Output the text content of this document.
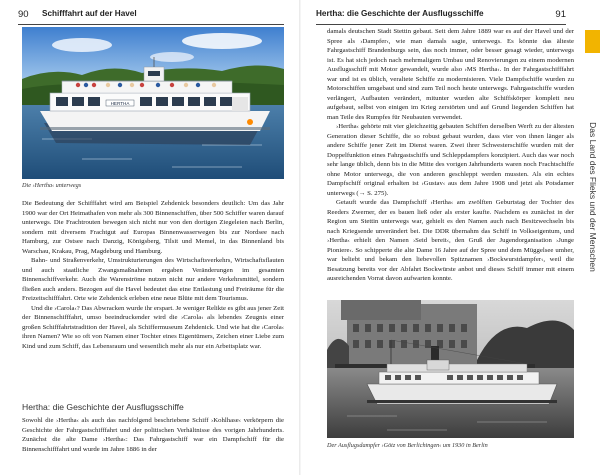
90 Schifffahrt auf der Havel	Hertha: die Geschichte der Ausflugsschiffe	91
Das Land des Flieks und der Menschen
HERTHA
Die ›Hertha‹ unterwegs

Die Bedeutung der Schifffahrt wird am Beispiel Zehdenick besonders deutlich: Um das Jahr 1900 war der Ort Heimathafen von mehr als 300 Binnenschiffen, über 500 Schiffer waren darauf unterwegs. Die Frachtrouten bewegen sich nicht nur von den dortigen Ziegeleien nach Berlin, sondern mit diversem Frachtgut auf Europas Binnenwasserwegen bis zur Nordsee nach Hamburg, zur Ostsee nach Danzig, Königsberg, Tilsit und Memel, in das Binnenland bis Warschau, Krakau, Prag, Magdeburg und Hamburg.

Bahn- und Straßenverkehr, Umstrukturierungen des Wirtschaftsverkehrs, Wirtschaftsflauten und auch staatliche Zwangsmaßnahmen ergaben Veränderungen im gesamten Binnenschiffverkehr. Auch die Warenströme nutzen nicht nur andere Verkehrsmittel, sondern fließen auch anders. Bezogen auf die Havel bedeutet das eine Entlastung und Freiräume für die Freizeitschifffahrt. Orte wie Zehdenick erleben eine neue Blüte mit dem Tourismus.

Und die ›Carola‹? Das Abwracken wurde ihr erspart. Je weniger Relikte es gibt aus jener Zeit der Binnenschifffahrt, umso beeindruckender wird die ›Carola‹ als lebendes Zeugnis einer großen Schifffahrtstradition der Havel, als Schiffermuseum Zehdenick. Und wie hat die ›Carola‹ ihren Namen? Wie so oft von Namen einer Tochter eines Eigentümers, Zeichen einer Liebe zum Kind und zum Schiff, das Lebensraum und wesentlich mehr als nur ein Arbeitsplatz war.

Hertha: die Geschichte der Ausflugsschiffe

Sowohl die ›Hertha‹ als auch das nachfolgend beschriebene Schiff ›Kohlhase‹ verkörpern die Geschichte der Fahrgastschifffahrt und der politischen Verhältnisse des vorigen Jahrhunderts. Zunächst die alte Dame ›Hertha‹: Das Fahrgastschiff war ein Dampfschiff für die Binnenschifffahrt und wurde im Jahre 1886 in der

damals deutschen Stadt Stettin gebaut. Seit dem Jahre 1889 war es auf der Havel und der Spree als ›Dampfer‹, wie man damals sagte, unterwegs. Es könnte das älteste Fahrgastschiff Brandenburgs sein, das noch immer, oder besser gesagt wieder, unterwegs ist. Es hat sich jedoch nach mehrmaligem Umbau und Renovierungen zu einem modernen Ausflugsschiff mit Motor gewandelt, wurde also ›MS Hertha‹. In der Fahrgastschifffahrt war und ist es üblich, veraltete Schiffe zu modernisieren. Viele Dampfschiffe wurden zu Motorschiffen umgebaut und sind zum Teil noch heute unterwegs. Fahrgastschiffe wurden verlängert, Aufbauten verändert, mitunter wurden alte Schiffskörper komplett neu aufgebaut, selbst von einigen im Krieg zerstörten und auf Grund liegenden Schiffen hat man Teile des Rumpfes für Neubauten verwendet.

›Hertha‹ gehörte mit vier gleichzeitig gebauten Schiffen derselben Werft zu der ältesten Generation dieser Schiffe, die so robust gebaut wurden, dass vier von ihnen länger als andere Schiffe jener Zeit im Dienst waren. Zwei ihrer Schwesterschiffe wurden mit der Doppelfunktion eines Fahrgastschiffs und Schleppdampfers konzipiert. Auch das war noch sehr lange üblich, denn bis in die Mitte des vorigen Jahrhunderts waren noch Frachtschiffe ohne Motor unterwegs, die von anderen geschleppt werden mussten. Als ein echtes Dampfschiff original erhalten ist ›Gustav‹ aus dem Jahre 1908 und jetzt als Potsdamer unterwegs (→ S. 275).

Getauft wurde das Dampfschiff ›Hertha‹ am zwölften Geburtstag der Tochter des Reeders Zwerner, der es bauen ließ oder als erster kaufte. Nachdem es zunächst in der Region um Stettin unterwegs war, gehielt es den Namen auch nach Besitzwechseln bis nach Kriegsende unverändert bei. Die DDR übernahm das Schiff in Volkseigentum, und ›Hertha‹ erhielt den Namen ›Seid bereit‹, den Gruß der Jugendorganisation ›Junge Pioniere‹. So schipperte die alte Dame 16 Jahre auf der Spree und dem Müggelsee umher, war beliebt und bekam den liebevollen Spitznamen ›Bockwurstdampfer‹, weil die Besatzung bereits vor der Abfahrt Bockwürste anbot und dieses Schiff immer mit einem ausreichenden Vorrat davon aufwarten konnte.

Der Ausflugsdampfer ›Götz von Berlichingen‹ um 1930 in Berlin
